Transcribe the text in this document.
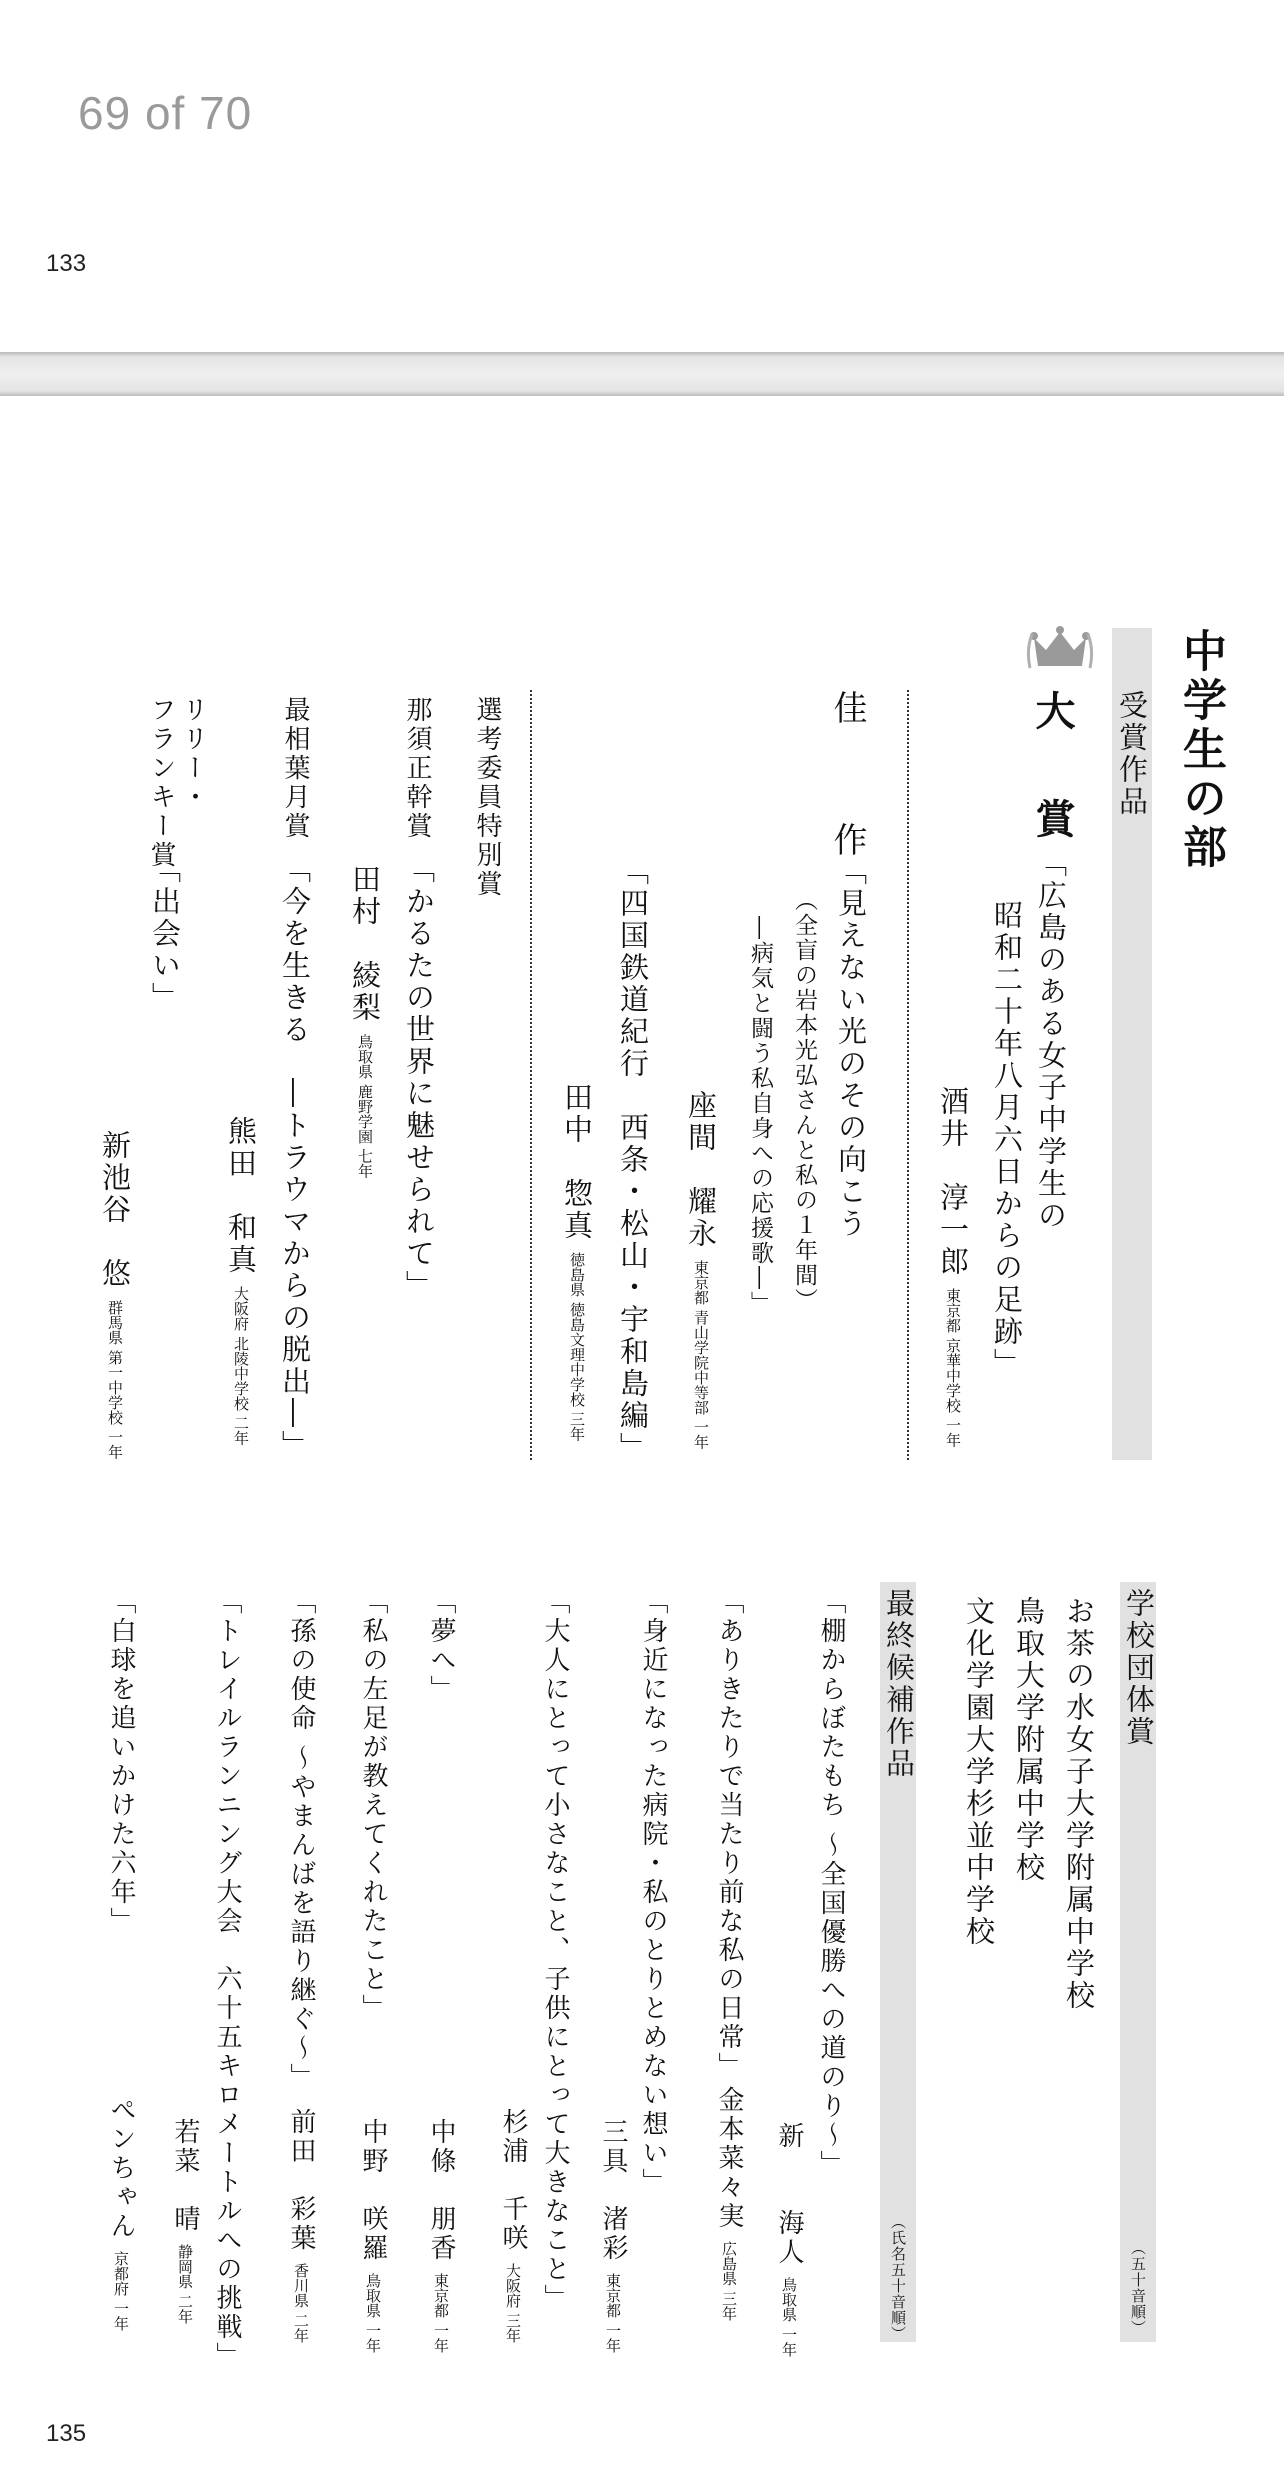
69 of 70
133
135
中学生の部
受賞作品
大　賞
「広島のある女子中学生の
昭和二十年八月六日からの足跡」
酒井　淳一郎東京都 京華中学校 一年
佳　　作
「見えない光のその向こう
（全盲の岩本光弘さんと私の１年間）
―病気と闘う私自身への応援歌―」
座間　耀永東京都 青山学院中等部 一年
「四国鉄道紀行　西条・松山・宇和島編」
田中　惣真徳島県 徳島文理中学校 三年
選考委員特別賞
那須正幹賞
「かるたの世界に魅せられて」
田村　綾梨鳥取県 鹿野学園 七年
最相葉月賞
「今を生きる　―トラウマからの脱出―」
熊田　和真大阪府 北陵中学校 二年
リリー・
フランキー賞
「出会い」
新池谷　悠群馬県 第一中学校 一年
学校団体賞
（五十音順）
お茶の水女子大学附属中学校
鳥取大学附属中学校
文化学園大学杉並中学校
最終候補作品
（氏名五十音順）
「棚からぼたもち 〜全国優勝への道のり〜」
新　　海人鳥取県 一年
「ありきたりで当たり前な私の日常」
金本菜々実広島県 三年
「身近になった病院・私のとりとめない想い」
三具　渚彩東京都 一年
「大人にとって小さなこと、子供にとって大きなこと」
杉浦　千咲大阪府 三年
「夢へ」
中條　朋香東京都 一年
「私の左足が教えてくれたこと」
中野　咲羅鳥取県 一年
「孫の使命 〜やまんばを語り継ぐ〜」
前田　彩葉香川県 二年
「トレイルランニング大会　六十五キロメートルへの挑戦」
若菜　晴静岡県 二年
「白球を追いかけた六年」
ぺンちゃん京都府 一年
